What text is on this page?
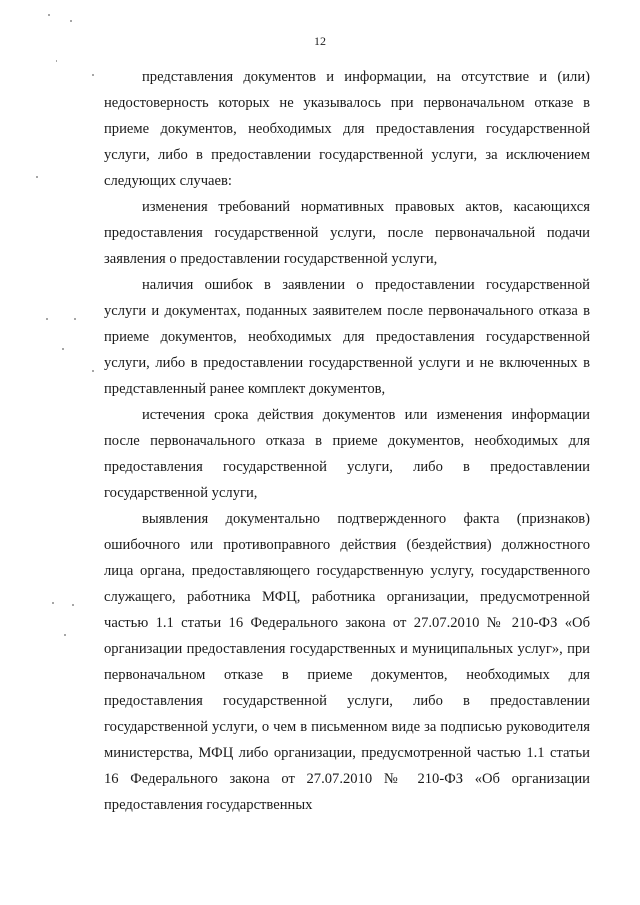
12

представления документов и информации, на отсутствие и (или) недостоверность которых не указывалось при первоначальном отказе в приеме документов, необходимых для предоставления государственной услуги, либо в предоставлении государственной услуги, за исключением следующих случаев:

изменения требований нормативных правовых актов, касающихся предоставления государственной услуги, после первоначальной подачи заявления о предоставлении государственной услуги,

наличия ошибок в заявлении о предоставлении государственной услуги и документах, поданных заявителем после первоначального отказа в приеме документов, необходимых для предоставления государственной услуги, либо в предоставлении государственной услуги и не включенных в представленный ранее комплект документов,

истечения срока действия документов или изменения информации после первоначального отказа в приеме документов, необходимых для предоставления государственной услуги, либо в предоставлении государственной услуги,

выявления документально подтвержденного факта (признаков) ошибочного или противоправного действия (бездействия) должностного лица органа, предоставляющего государственную услугу, государственного служащего, работника МФЦ, работника организации, предусмотренной частью 1.1 статьи 16 Федерального закона от 27.07.2010 № 210-ФЗ «Об организации предоставления государственных и муниципальных услуг», при первоначальном отказе в приеме документов, необходимых для предоставления государственной услуги, либо в предоставлении государственной услуги, о чем в письменном виде за подписью руководителя министерства, МФЦ либо организации, предусмотренной частью 1.1 статьи 16 Федерального закона от 27.07.2010 № 210-ФЗ «Об организации предоставления государственных
